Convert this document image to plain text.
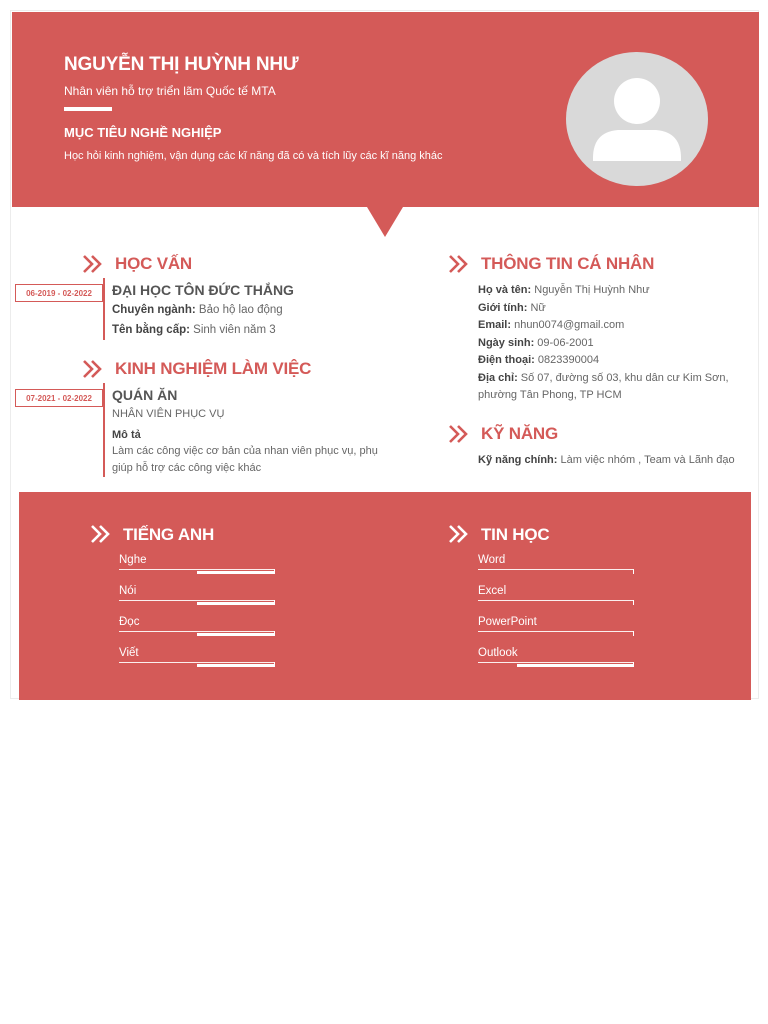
NGUYỄN THỊ HUỲNH NHƯ
Nhân viên hỗ trợ triển lãm Quốc tế MTA
MỤC TIÊU NGHỀ NGHIỆP
Học hỏi kinh nghiệm, vận dụng các kĩ năng đã có và tích lũy các kĩ năng khác
HỌC VẤN
06-2019 - 02-2022	ĐẠI HỌC TÔN ĐỨC THẮNG
Chuyên ngành: Bảo hộ lao động
Tên bằng cấp: Sinh viên năm 3
KINH NGHIỆM LÀM VIỆC
07-2021 - 02-2022	QUÁN ĂN
NHÂN VIÊN PHỤC VỤ
Mô tả
Làm các công việc cơ bản của nhan viên phục vụ, phụ
giúp hỗ trợ các công việc khác
THÔNG TIN CÁ NHÂN
Họ và tên: Nguyễn Thị Huỳnh Như
Giới tính: Nữ
Email: nhun0074@gmail.com
Ngày sinh: 09-06-2001
Điện thoại: 0823390004
Địa chỉ: Số 07, đường số 03, khu dân cư Kim Sơn,
phường Tân Phong, TP HCM
KỸ NĂNG
Kỹ năng chính: Làm việc nhóm , Team và Lãnh đạo
TIẾNG ANH	TIN HỌC
Nghe
Nói
Đọc
Viết
Word
Excel
PowerPoint
Outlook
